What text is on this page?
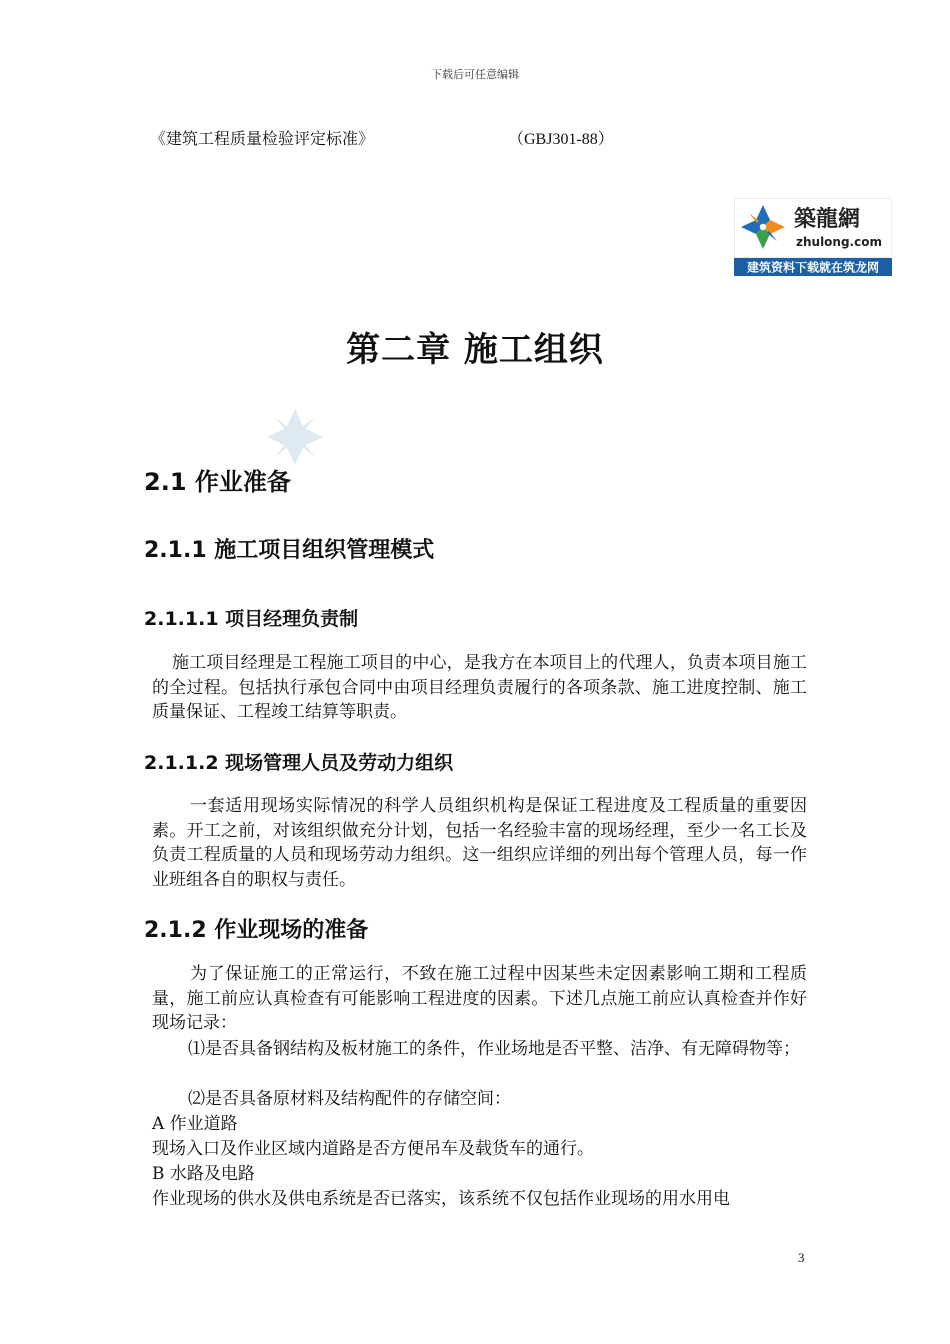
下载后可任意编辑
《建筑工程质量检验评定标准》	（GBJ301-88）
築龍網
zhulong.com
建筑资料下载就在筑龙网
第二章 施工组织
2.1 作业准备
2.1.1 施工项目组织管理模式
2.1.1.1 项目经理负责制
施工项目经理是工程施工项目的中心，是我方在本项目上的代理人，负责本项目施工的全过程。包括执行承包合同中由项目经理负责履行的各项条款、施工进度控制、施工质量保证、工程竣工结算等职责。
2.1.1.2 现场管理人员及劳动力组织
一套适用现场实际情况的科学人员组织机构是保证工程进度及工程质量的重要因素。开工之前，对该组织做充分计划，包括一名经验丰富的现场经理，至少一名工长及负责工程质量的人员和现场劳动力组织。这一组织应详细的列出每个管理人员，每一作业班组各自的职权与责任。
2.1.2 作业现场的准备
为了保证施工的正常运行，不致在施工过程中因某些未定因素影响工期和工程质量，施工前应认真检查有可能影响工程进度的因素。下述几点施工前应认真检查并作好现场记录：
⑴是否具备钢结构及板材施工的条件，作业场地是否平整、洁净、有无障碍物等；
⑵是否具备原材料及结构配件的存储空间：
A 作业道路
现场入口及作业区域内道路是否方便吊车及载货车的通行。
B 水路及电路
作业现场的供水及供电系统是否已落实，该系统不仅包括作业现场的用水用电
3
